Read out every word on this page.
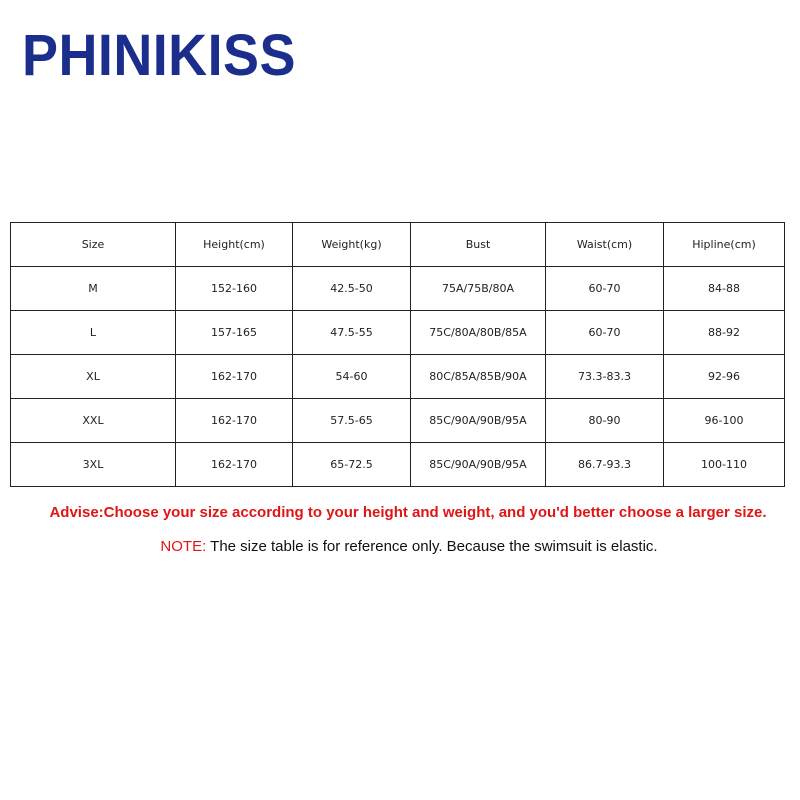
PHINIKISS
Size	Height(cm)	Weight(kg)	Bust	Waist(cm)	Hipline(cm)
M	152-160	42.5-50	75A/75B/80A	60-70	84-88
L	157-165	47.5-55	75C/80A/80B/85A	60-70	88-92
XL	162-170	54-60	80C/85A/85B/90A	73.3-83.3	92-96
XXL	162-170	57.5-65	85C/90A/90B/95A	80-90	96-100
3XL	162-170	65-72.5	85C/90A/90B/95A	86.7-93.3	100-110
Advise:Choose your size according to your height and weight, and you'd better choose a larger size.
NOTE: The size table is for reference only. Because the swimsuit is elastic.
